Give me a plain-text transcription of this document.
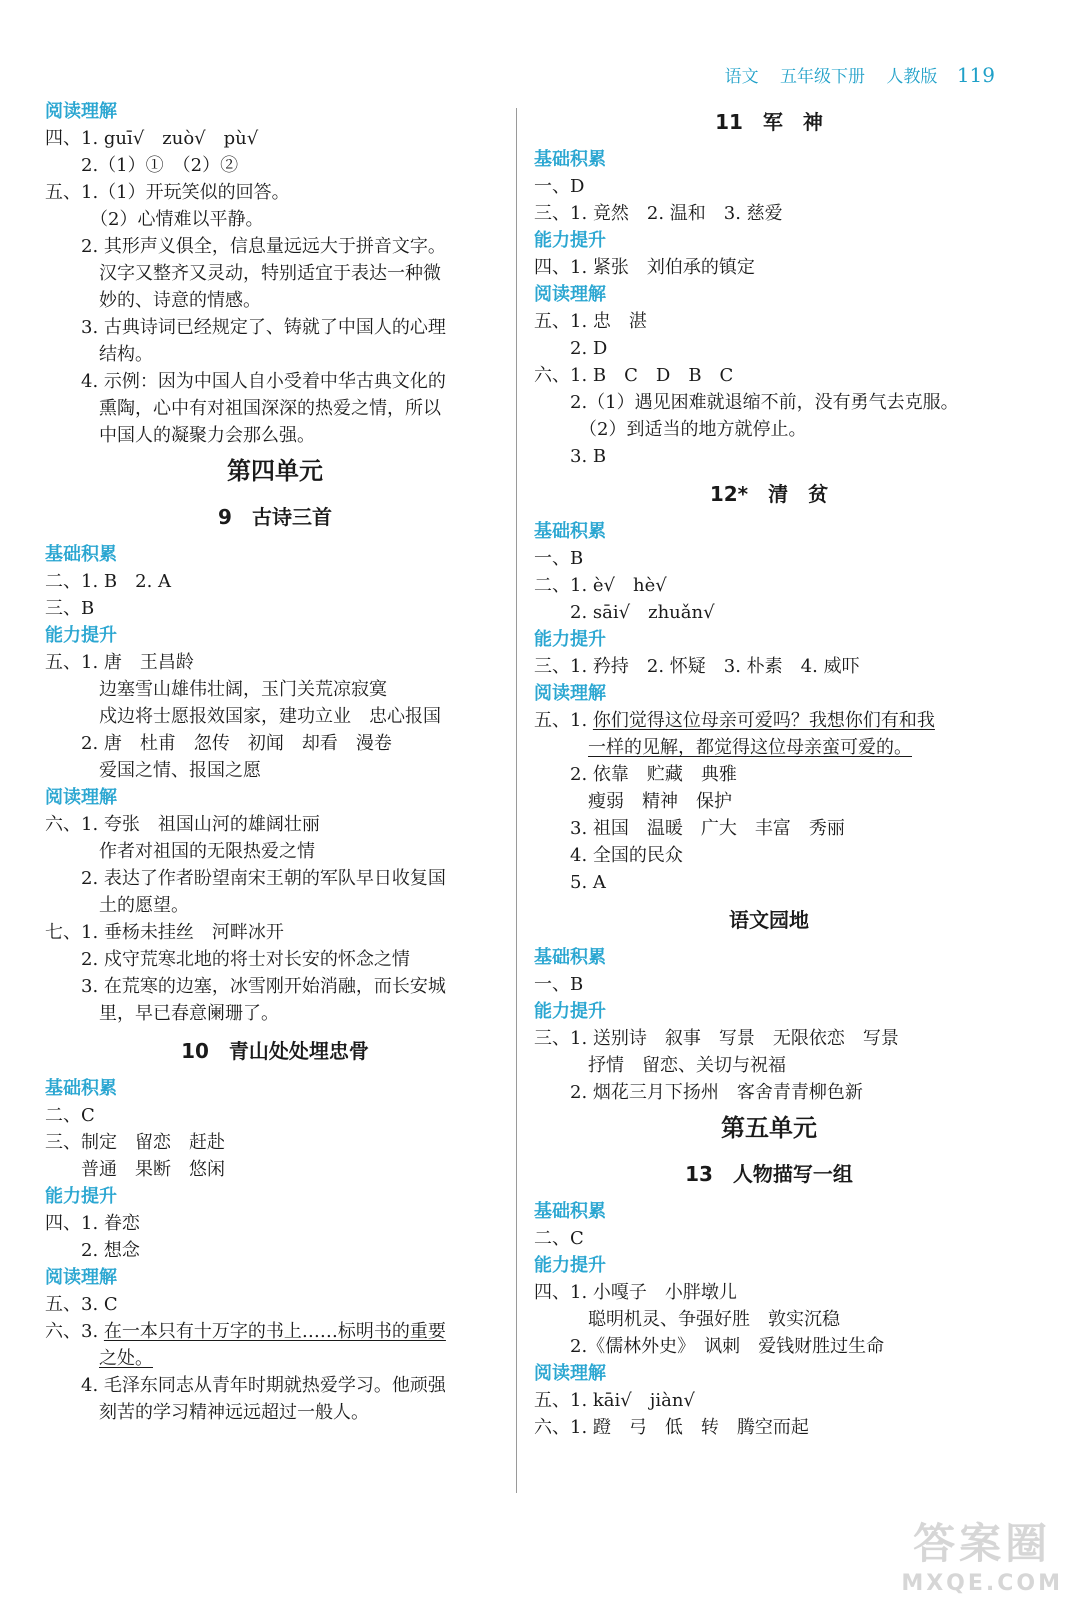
语文 五年级下册 人教版 119
阅读理解
四、1. guī√　zuò√　pù√
　　2.（1）①　（2）②
五、1.（1）开玩笑似的回答。
　　　（2）心情难以平静。
　　2. 其形声义俱全，信息量远远大于拼音文字。
　　　汉字又整齐又灵动，特别适宜于表达一种微
　　　妙的、诗意的情感。
　　3. 古典诗词已经规定了、铸就了中国人的心理
　　　结构。
　　4. 示例：因为中国人自小受着中华古典文化的
　　　熏陶，心中有对祖国深深的热爱之情，所以
　　　中国人的凝聚力会那么强。
第四单元
9　古诗三首
基础积累
二、1. B　2. A
三、B
能力提升
五、1. 唐　王昌龄
　　　边塞雪山雄伟壮阔，玉门关荒凉寂寞
　　　戍边将士愿报效国家，建功立业　忠心报国
　　2. 唐　杜甫　忽传　初闻　却看　漫卷
　　　爱国之情、报国之愿
阅读理解
六、1. 夸张　祖国山河的雄阔壮丽
　　　作者对祖国的无限热爱之情
　　2. 表达了作者盼望南宋王朝的军队早日收复国
　　　土的愿望。
七、1. 垂杨未挂丝　河畔冰开
　　2. 戍守荒寒北地的将士对长安的怀念之情
　　3. 在荒寒的边塞，冰雪刚开始消融，而长安城
　　　里，早已春意阑珊了。
10　青山处处埋忠骨
基础积累
二、C
三、制定　留恋　赶赴
　　普通　果断　悠闲
能力提升
四、1. 眷恋
　　2. 想念
阅读理解
五、3. C
六、3. 在一本只有十万字的书上……标明书的重要
　　　之处。
　　4. 毛泽东同志从青年时期就热爱学习。他顽强
　　　刻苦的学习精神远远超过一般人。
11　军　神
基础积累
一、D
三、1. 竟然　2. 温和　3. 慈爱
能力提升
四、1. 紧张　刘伯承的镇定
阅读理解
五、1. 忠　湛
　　2. D
六、1. B　C　D　B　C
　　2.（1）遇见困难就退缩不前，没有勇气去克服。
　　　（2）到适当的地方就停止。
　　3. B
12*　清　贫
基础积累
一、B
二、1. è√　hè√
　　2. sāi√　zhuǎn√
能力提升
三、1. 矜持　2. 怀疑　3. 朴素　4. 威吓
阅读理解
五、1. 你们觉得这位母亲可爱吗？我想你们有和我
　　　一样的见解，都觉得这位母亲蛮可爱的。
　　2. 依靠　贮藏　典雅
　　　瘦弱　精神　保护
　　3. 祖国　温暖　广大　丰富　秀丽
　　4. 全国的民众
　　5. A
语文园地
基础积累
一、B
能力提升
三、1. 送别诗　叙事　写景　无限依恋　写景
　　　抒情　留恋、关切与祝福
　　2. 烟花三月下扬州　客舍青青柳色新
第五单元
13　人物描写一组
基础积累
二、C
能力提升
四、1. 小嘎子　小胖墩儿
　　　聪明机灵、争强好胜　敦实沉稳
　　2.《儒林外史》　讽刺　爱钱财胜过生命
阅读理解
五、1. kāi√　jiàn√
六、1. 蹬　弓　低　转　腾空而起
答案圈
MXQE.COM
